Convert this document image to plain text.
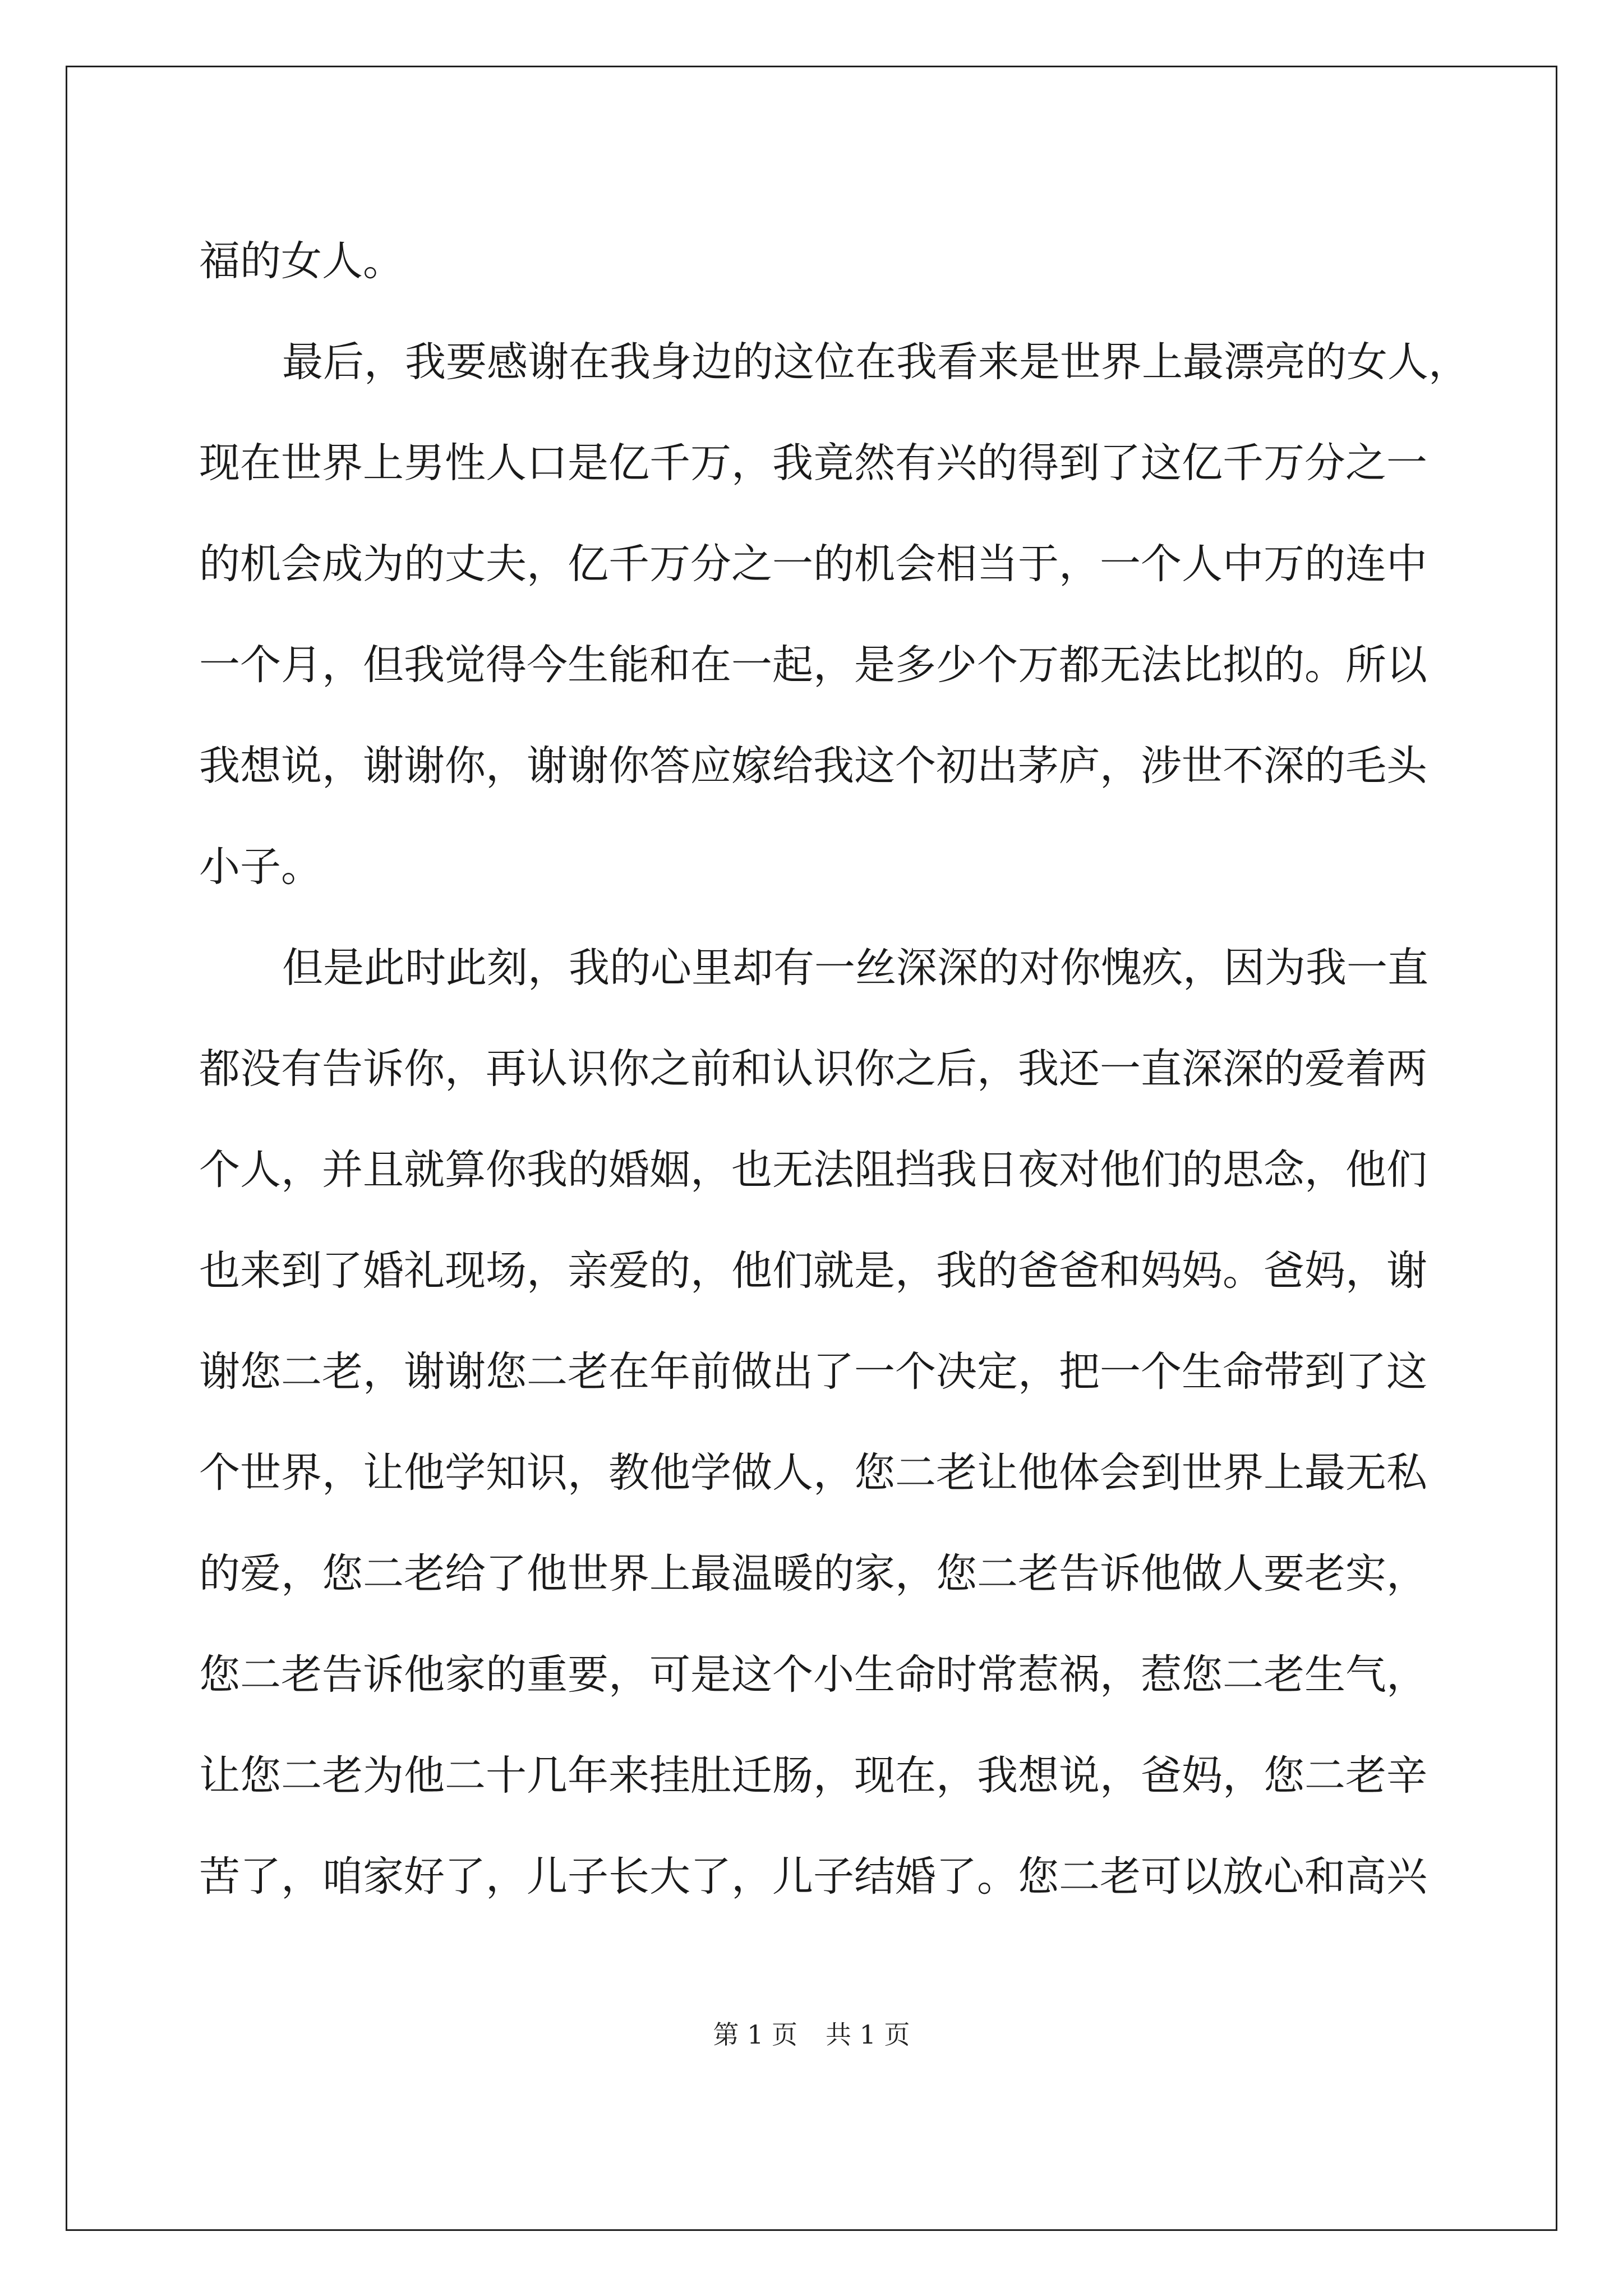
福的女人。
最后，我要感谢在我身边的这位在我看来是世界上最漂亮的女人，
现在世界上男性人口是亿千万，我竟然有兴的得到了这亿千万分之一
的机会成为的丈夫，亿千万分之一的机会相当于，一个人中万的连中
一个月，但我觉得今生能和在一起，是多少个万都无法比拟的。所以
我想说，谢谢你，谢谢你答应嫁给我这个初出茅庐，涉世不深的毛头
小子。
但是此时此刻，我的心里却有一丝深深的对你愧疚，因为我一直
都没有告诉你，再认识你之前和认识你之后，我还一直深深的爱着两
个人，并且就算你我的婚姻，也无法阻挡我日夜对他们的思念，他们
也来到了婚礼现场，亲爱的，他们就是，我的爸爸和妈妈。爸妈，谢
谢您二老，谢谢您二老在年前做出了一个决定，把一个生命带到了这
个世界，让他学知识，教他学做人，您二老让他体会到世界上最无私
的爱，您二老给了他世界上最温暖的家，您二老告诉他做人要老实，
您二老告诉他家的重要，可是这个小生命时常惹祸，惹您二老生气，
让您二老为他二十几年来挂肚迁肠，现在，我想说，爸妈，您二老辛
苦了，咱家好了，儿子长大了，儿子结婚了。您二老可以放心和高兴
第 1 页 共 1 页
